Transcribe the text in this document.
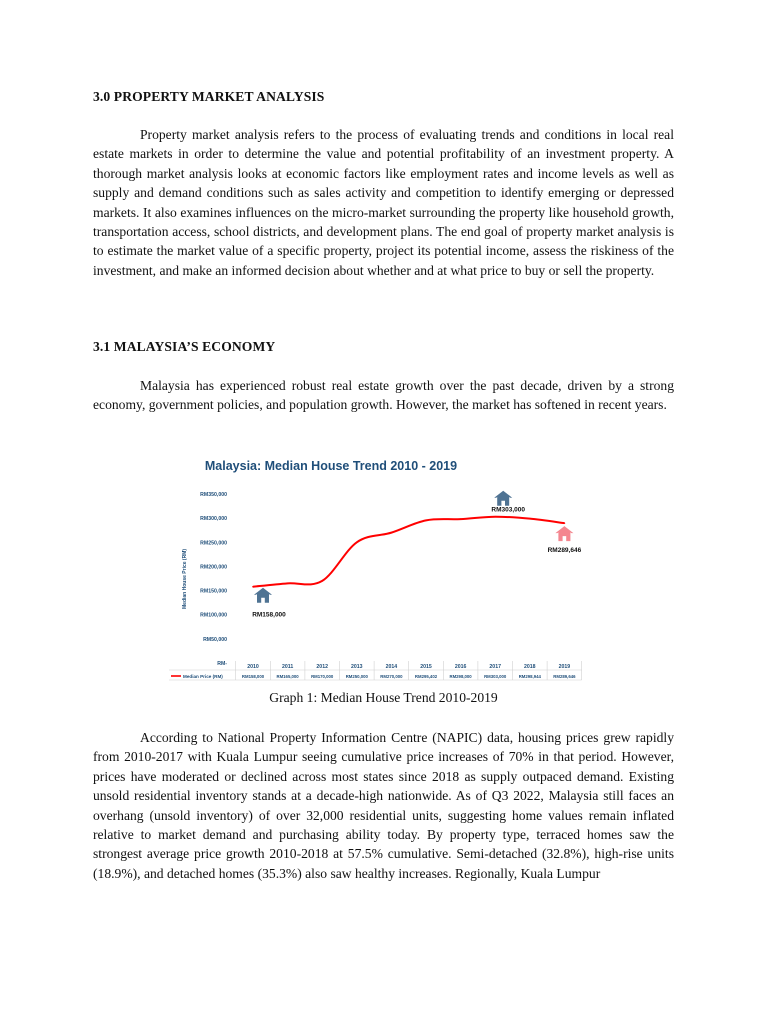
3.0 PROPERTY MARKET ANALYSIS

Property market analysis refers to the process of evaluating trends and conditions in local real estate markets in order to determine the value and potential profitability of an investment property. A thorough market analysis looks at economic factors like employment rates and income levels as well as supply and demand conditions such as sales activity and competition to identify emerging or depressed markets. It also examines influences on the micro-market surrounding the property like household growth, transportation access, school districts, and development plans. The end goal of property market analysis is to estimate the market value of a specific property, project its potential income, assess the riskiness of the investment, and make an informed decision about whether and at what price to buy or sell the property.

3.1 MALAYSIA’S ECONOMY

Malaysia has experienced robust real estate growth over the past decade, driven by a strong economy, government policies, and population growth. However, the market has softened in recent years.

Graph 1: Median House Trend 2010-2019

According to National Property Information Centre (NAPIC) data, housing prices grew rapidly from 2010-2017 with Kuala Lumpur seeing cumulative price increases of 70% in that period. However, prices have moderated or declined across most states since 2018 as supply outpaced demand. Existing unsold residential inventory stands at a decade-high nationwide. As of Q3 2022, Malaysia still faces an overhang (unsold inventory) of over 32,000 residential units, suggesting home values remain inflated relative to market demand and purchasing ability today. By property type, terraced homes saw the strongest average price growth 2010-2018 at 57.5% cumulative. Semi-detached (32.8%), high-rise units (18.9%), and detached homes (35.3%) also saw healthy increases. Regionally, Kuala Lumpur

Malaysia: Median House Trend 2010 - 2019
Median House Price (RM)
RM350,000
RM300,000
RM250,000
RM200,000
RM150,000
RM100,000
RM50,000
RM-	2010	2011	2012	2013	2014	2015	2016	2017	2018	2019
Median Price (RM)	RM158,000	RM165,000	RM170,000	RM250,000	RM270,000	RM295,402	RM298,000	RM303,000	RM298,944	RM289,646
RM158,000
RM303,000
RM289,646
